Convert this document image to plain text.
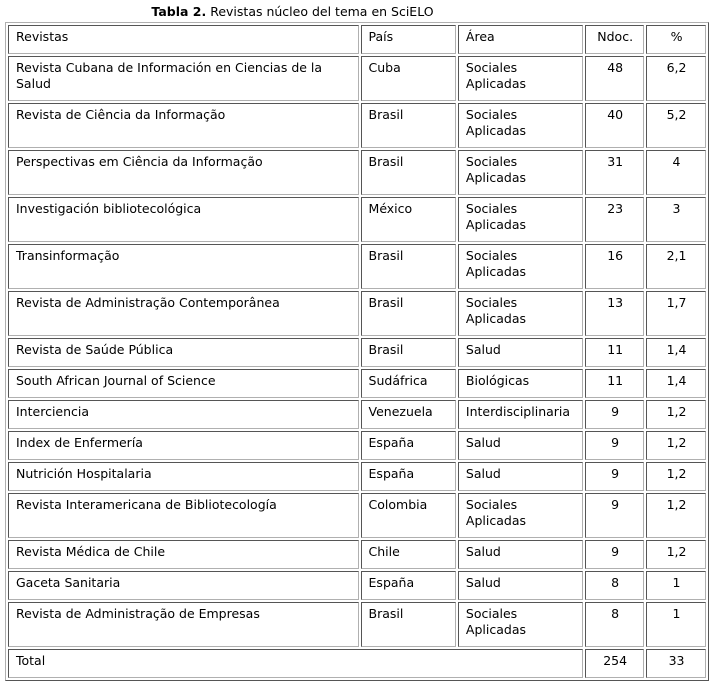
Tabla 2. Revistas núcleo del tema en SciELO
Revistas	País	Área	Ndoc.	%
Revista Cubana de Información en Ciencias de la Salud	Cuba	Sociales Aplicadas	48	6,2
Revista de Ciência da Informação	Brasil	Sociales Aplicadas	40	5,2
Perspectivas em Ciência da Informação	Brasil	Sociales Aplicadas	31	4
Investigación bibliotecológica	México	Sociales Aplicadas	23	3
Transinformação	Brasil	Sociales Aplicadas	16	2,1
Revista de Administração Contemporânea	Brasil	Sociales Aplicadas	13	1,7
Revista de Saúde Pública	Brasil	Salud	11	1,4
South African Journal of Science	Sudáfrica	Biológicas	11	1,4
Interciencia	Venezuela	Interdisciplinaria	9	1,2
Index de Enfermería	España	Salud	9	1,2
Nutrición Hospitalaria	España	Salud	9	1,2
Revista Interamericana de Bibliotecología	Colombia	Sociales Aplicadas	9	1,2
Revista Médica de Chile	Chile	Salud	9	1,2
Gaceta Sanitaria	España	Salud	8	1
Revista de Administração de Empresas	Brasil	Sociales Aplicadas	8	1
Total			254	33
